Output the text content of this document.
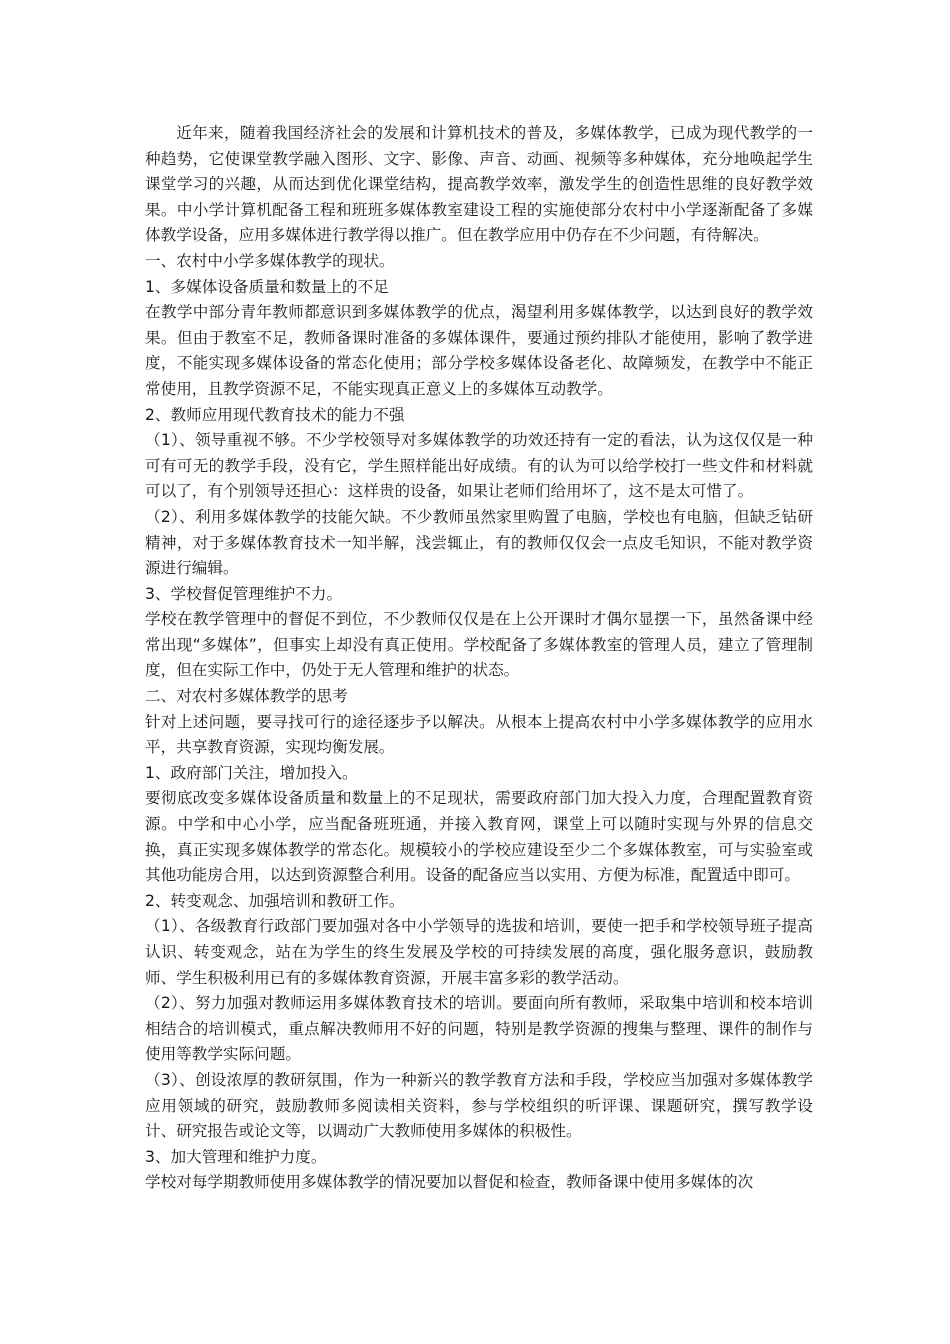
近年来，随着我国经济社会的发展和计算机技术的普及，多媒体教学，已成为现代教学的一种趋势，它使课堂教学融入图形、文字、影像、声音、动画、视频等多种媒体，充分地唤起学生课堂学习的兴趣，从而达到优化课堂结构，提高教学效率，激发学生的创造性思维的良好教学效果。中小学计算机配备工程和班班多媒体教室建设工程的实施使部分农村中小学逐渐配备了多媒体教学设备，应用多媒体进行教学得以推广。但在教学应用中仍存在不少问题，有待解决。

一、农村中小学多媒体教学的现状。

1、多媒体设备质量和数量上的不足

在教学中部分青年教师都意识到多媒体教学的优点，渴望利用多媒体教学，以达到良好的教学效果。但由于教室不足，教师备课时准备的多媒体课件，要通过预约排队才能使用，影响了教学进度，不能实现多媒体设备的常态化使用；部分学校多媒体设备老化、故障频发，在教学中不能正常使用，且教学资源不足，不能实现真正意义上的多媒体互动教学。

2、教师应用现代教育技术的能力不强

（1）、领导重视不够。不少学校领导对多媒体教学的功效还持有一定的看法，认为这仅仅是一种可有可无的教学手段，没有它，学生照样能出好成绩。有的认为可以给学校打一些文件和材料就可以了，有个别领导还担心：这样贵的设备，如果让老师们给用坏了，这不是太可惜了。

（2）、利用多媒体教学的技能欠缺。不少教师虽然家里购置了电脑，学校也有电脑，但缺乏钻研精神，对于多媒体教育技术一知半解，浅尝辄止，有的教师仅仅会一点皮毛知识，不能对教学资源进行编辑。

3、学校督促管理维护不力。

学校在教学管理中的督促不到位，不少教师仅仅是在上公开课时才偶尔显摆一下，虽然备课中经常出现“多媒体”，但事实上却没有真正使用。学校配备了多媒体教室的管理人员，建立了管理制度，但在实际工作中，仍处于无人管理和维护的状态。

二、对农村多媒体教学的思考

针对上述问题，要寻找可行的途径逐步予以解决。从根本上提高农村中小学多媒体教学的应用水平，共享教育资源，实现均衡发展。

1、政府部门关注，增加投入。

要彻底改变多媒体设备质量和数量上的不足现状，需要政府部门加大投入力度，合理配置教育资源。中学和中心小学，应当配备班班通，并接入教育网，课堂上可以随时实现与外界的信息交换，真正实现多媒体教学的常态化。规模较小的学校应建设至少二个多媒体教室，可与实验室或其他功能房合用，以达到资源整合利用。设备的配备应当以实用、方便为标准，配置适中即可。

2、转变观念、加强培训和教研工作。

（1）、各级教育行政部门要加强对各中小学领导的选拔和培训，要使一把手和学校领导班子提高认识、转变观念，站在为学生的终生发展及学校的可持续发展的高度，强化服务意识，鼓励教师、学生积极利用已有的多媒体教育资源，开展丰富多彩的教学活动。

（2）、努力加强对教师运用多媒体教育技术的培训。要面向所有教师，采取集中培训和校本培训相结合的培训模式，重点解决教师用不好的问题，特别是教学资源的搜集与整理、课件的制作与使用等教学实际问题。

（3）、创设浓厚的教研氛围，作为一种新兴的教学教育方法和手段，学校应当加强对多媒体教学应用领域的研究，鼓励教师多阅读相关资料，参与学校组织的听评课、课题研究，撰写教学设计、研究报告或论文等，以调动广大教师使用多媒体的积极性。

3、加大管理和维护力度。

学校对每学期教师使用多媒体教学的情况要加以督促和检查，教师备课中使用多媒体的次
